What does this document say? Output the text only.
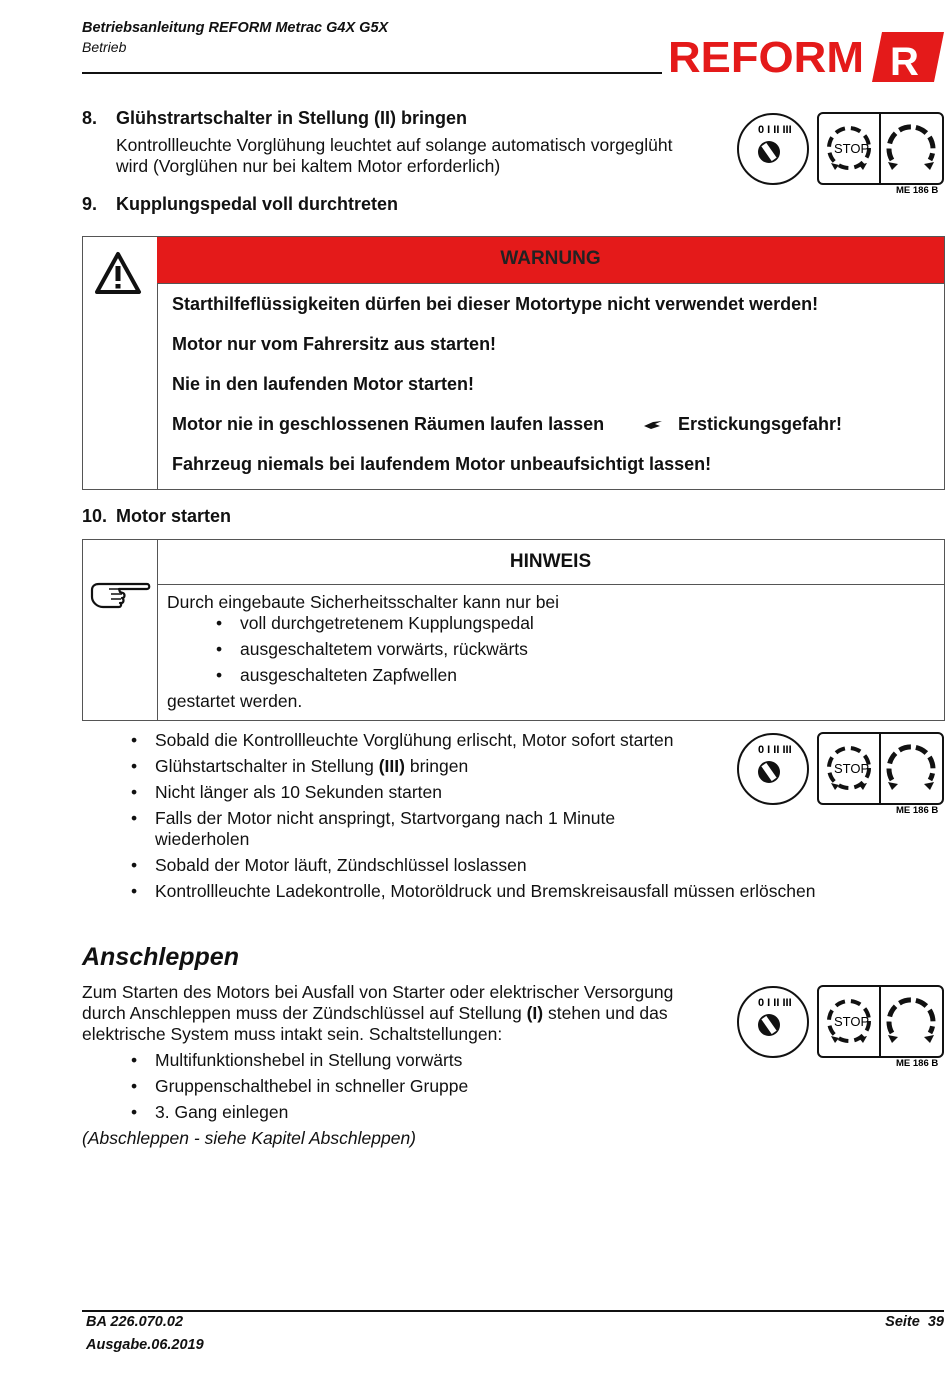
Betriebsanleitung REFORM Metrac G4X G5X
Betrieb	REFORM R
8. Glühstrartschalter in Stellung (II) bringen
Kontrollleuchte Vorglühung leuchtet auf solange automatisch vorgeglüht
wird (Vorglühen nur bei kaltem Motor erforderlich)
0 I II III
STOP
ME 186 B
9. Kupplungspedal voll durchtreten
WARNUNG
Starthilfeflüssigkeiten dürfen bei dieser Motortype nicht verwendet werden!
Motor nur vom Fahrersitz aus starten!
Nie in den laufenden Motor starten!
Motor nie in geschlossenen Räumen laufen lassen	Erstickungsgefahr!
Fahrzeug niemals bei laufendem Motor unbeaufsichtigt lassen!
10. Motor starten
HINWEIS
Durch eingebaute Sicherheitsschalter kann nur bei
• voll durchgetretenem Kupplungspedal
• ausgeschaltetem vorwärts, rückwärts
• ausgeschalteten Zapfwellen
gestartet werden.
• Sobald die Kontrollleuchte Vorglühung erlischt, Motor sofort starten
• Glühstartschalter in Stellung (III) bringen
• Nicht länger als 10 Sekunden starten
• Falls der Motor nicht anspringt, Startvorgang nach 1 Minute
wiederholen
• Sobald der Motor läuft, Zündschlüssel loslassen
• Kontrollleuchte Ladekontrolle, Motoröldruck und Bremskreisausfall müssen erlöschen
0 I II III
STOP
ME 186 B
Anschleppen
Zum Starten des Motors bei Ausfall von Starter oder elektrischer Versorgung
durch Anschleppen muss der Zündschlüssel auf Stellung (I) stehen und das
elektrische System muss intakt sein. Schaltstellungen:
• Multifunktionshebel in Stellung vorwärts
• Gruppenschalthebel in schneller Gruppe
• 3. Gang einlegen
(Abschleppen - siehe Kapitel Abschleppen)
0 I II III
STOP
ME 186 B
BA 226.070.02
Ausgabe.06.2019
Seite  39
